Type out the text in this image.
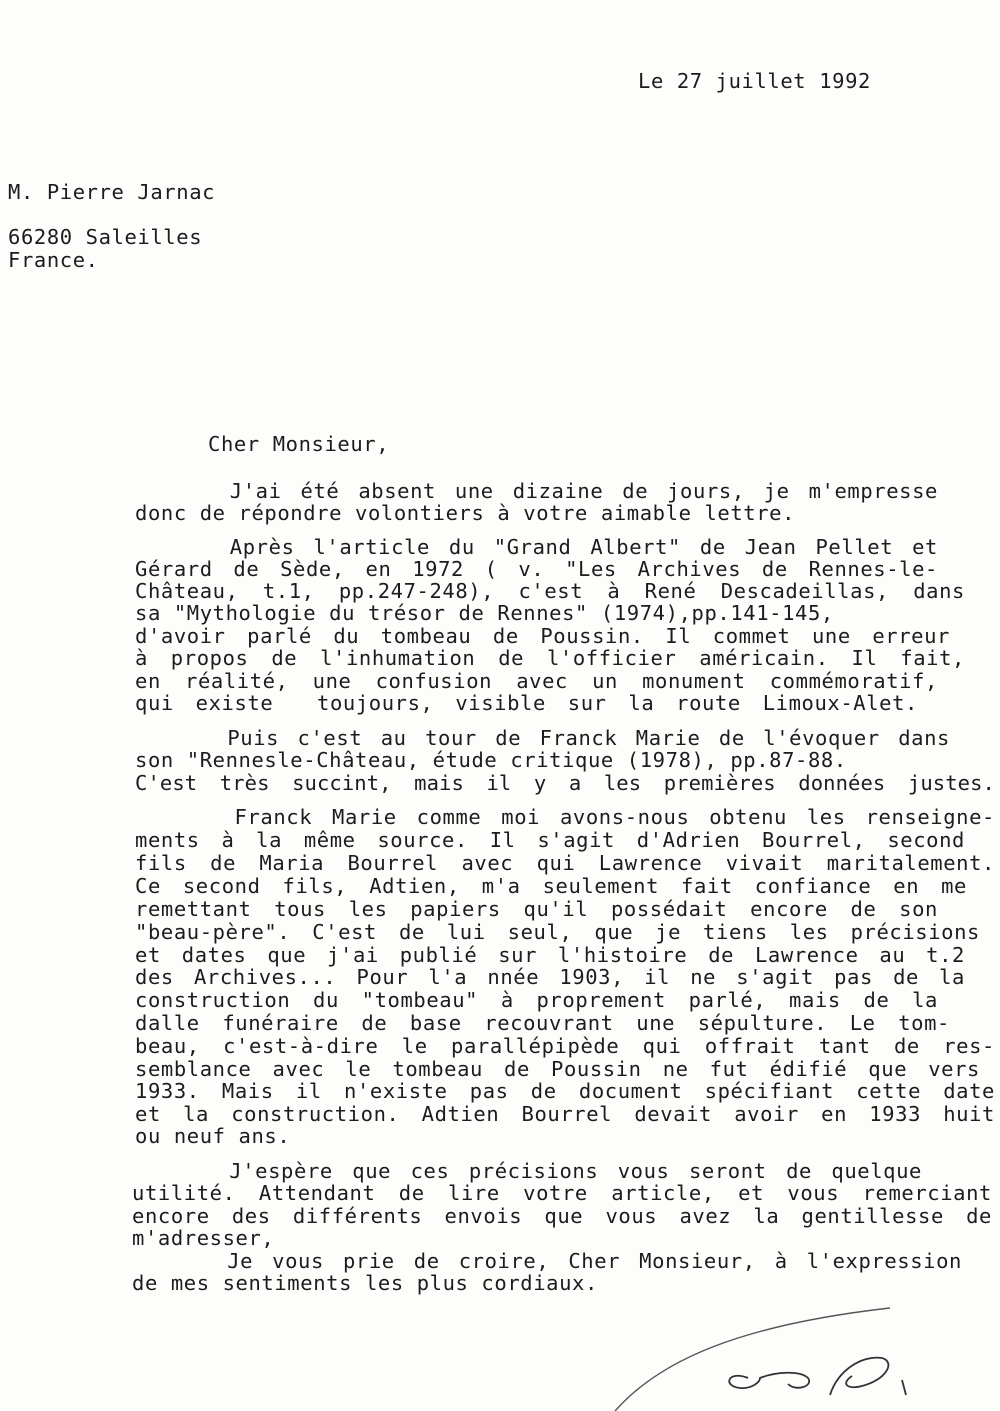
Le 27 juillet 1992
M. Pierre Jarnac
66280 Saleilles
France.
Cher Monsieur,
J'ai été absent une dizaine de jours, je m'empresse
donc de répondre volontiers à votre aimable lettre.
Après l'article du "Grand Albert" de Jean Pellet et
Gérard de Sède, en 1972 ( v. "Les Archives de Rennes-le-
Château, t.1, pp.247-248), c'est à René Descadeillas, dans
sa "Mythologie du trésor de Rennes" (1974),pp.141-145,
d'avoir parlé du tombeau de Poussin. Il commet une erreur
à propos de l'inhumation de l'officier américain. Il fait,
en réalité, une confusion avec un monument commémoratif,
qui existe  toujours, visible sur la route Limoux-Alet.
Puis c'est au tour de Franck Marie de l'évoquer dans
son "Rennesle-Château, étude critique (1978), pp.87-88.
C'est très succint, mais il y a les premières données justes.
Franck Marie comme moi avons-nous obtenu les renseigne-
ments à la même source. Il s'agit d'Adrien Bourrel, second
fils de Maria Bourrel avec qui Lawrence vivait maritalement.
Ce second fils, Adtien, m'a seulement fait confiance en me
remettant tous les papiers qu'il possédait encore de son
"beau-père". C'est de lui seul, que je tiens les précisions
et dates que j'ai publié sur l'histoire de Lawrence au t.2
des Archives... Pour l'a nnée 1903, il ne s'agit pas de la
construction du "tombeau" à proprement parlé, mais de la
dalle funéraire de base recouvrant une sépulture. Le tom-
beau, c'est-à-dire le parallépipède qui offrait tant de res-
semblance avec le tombeau de Poussin ne fut édifié que vers
1933. Mais il n'existe pas de document spécifiant cette date
et la construction. Adtien Bourrel devait avoir en 1933 huit
ou neuf ans.
J'espère que ces précisions vous seront de quelque
utilité. Attendant de lire votre article, et vous remerciant
encore des différents envois que vous avez la gentillesse de
m'adresser,
Je vous prie de croire, Cher Monsieur, à l'expression
de mes sentiments les plus cordiaux.
